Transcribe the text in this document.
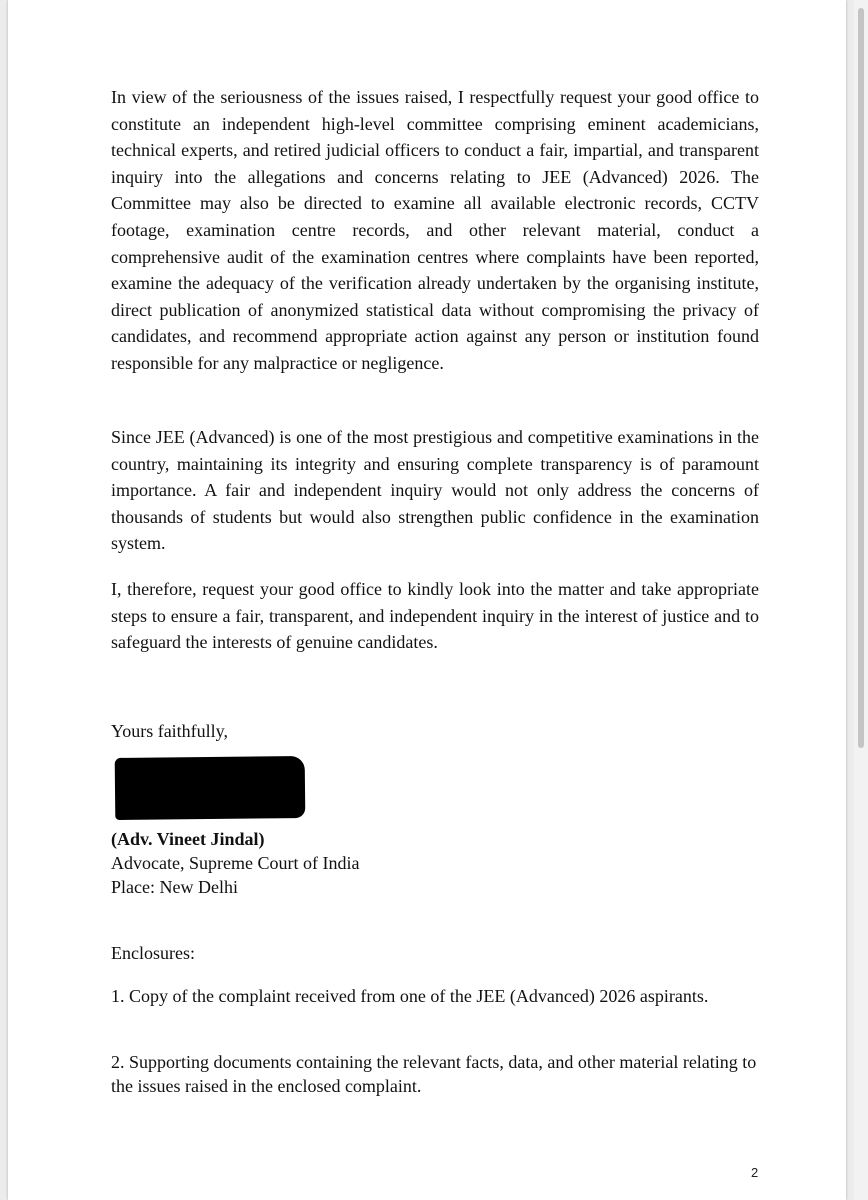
In view of the seriousness of the issues raised, I respectfully request your good office to constitute an independent high-level committee comprising eminent academicians, technical experts, and retired judicial officers to conduct a fair, impartial, and transparent inquiry into the allegations and concerns relating to JEE (Advanced) 2026. The Committee may also be directed to examine all available electronic records, CCTV footage, examination centre records, and other relevant material, conduct a comprehensive audit of the examination centres where complaints have been reported, examine the adequacy of the verification already undertaken by the organising institute, direct publication of anonymized statistical data without compromising the privacy of candidates, and recommend appropriate action against any person or institution found responsible for any malpractice or negligence.

Since JEE (Advanced) is one of the most prestigious and competitive examinations in the country, maintaining its integrity and ensuring complete transparency is of paramount importance. A fair and independent inquiry would not only address the concerns of thousands of students but would also strengthen public confidence in the examination system.

I, therefore, request your good office to kindly look into the matter and take appropriate steps to ensure a fair, transparent, and independent inquiry in the interest of justice and to safeguard the interests of genuine candidates.

Yours faithfully,

(Adv. Vineet Jindal)

Advocate, Supreme Court of India

Place: New Delhi

Enclosures:

1. Copy of the complaint received from one of the JEE (Advanced) 2026 aspirants.

2. Supporting documents containing the relevant facts, data, and other material relating to the issues raised in the enclosed complaint.

2
